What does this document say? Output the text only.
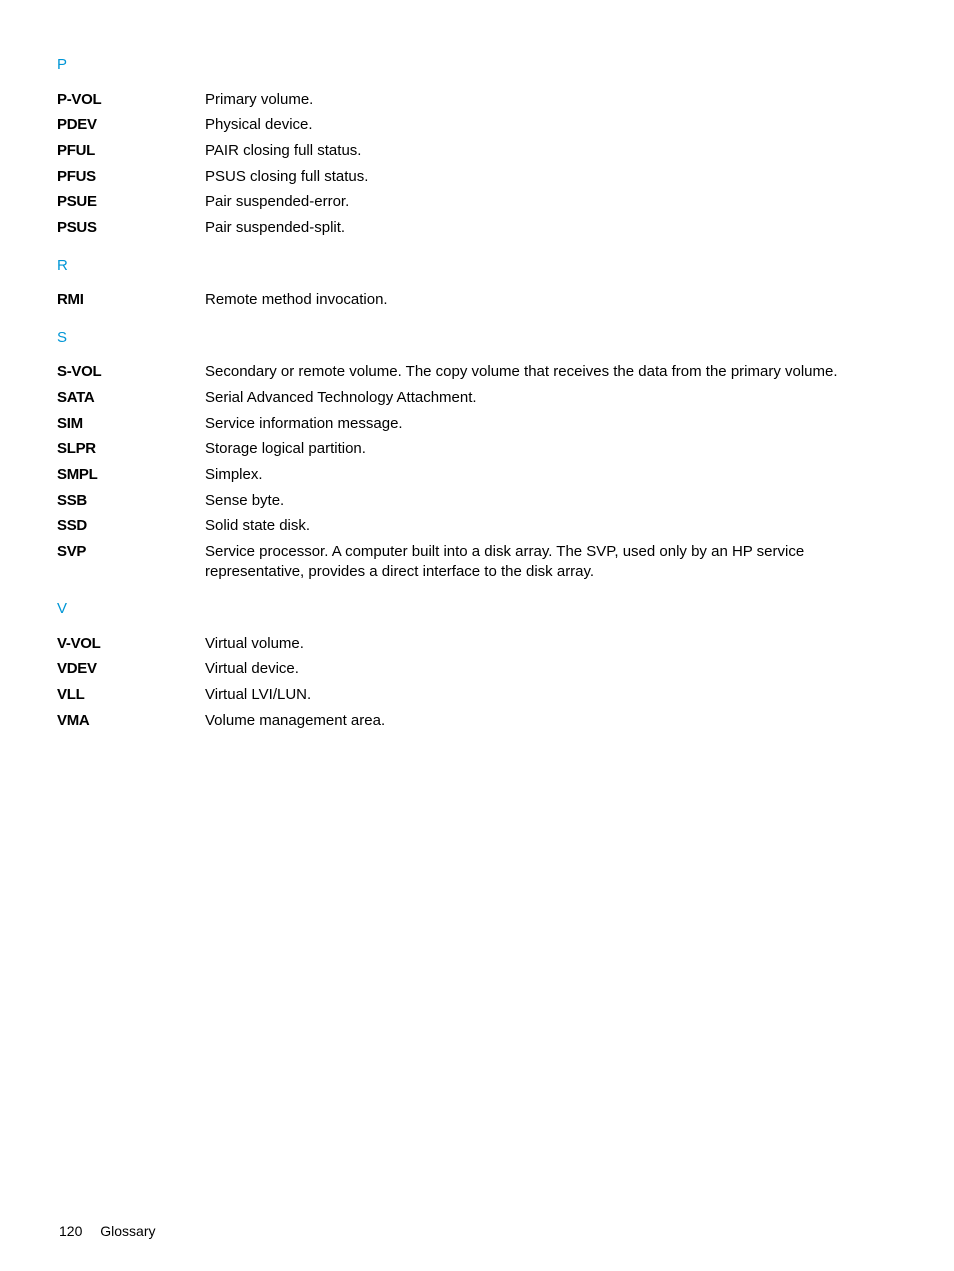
P
P-VOL	Primary volume.
PDEV	Physical device.
PFUL	PAIR closing full status.
PFUS	PSUS closing full status.
PSUE	Pair suspended-error.
PSUS	Pair suspended-split.
R
RMI	Remote method invocation.
S
S-VOL	Secondary or remote volume. The copy volume that receives the data from the primary volume.
SATA	Serial Advanced Technology Attachment.
SIM	Service information message.
SLPR	Storage logical partition.
SMPL	Simplex.
SSB	Sense byte.
SSD	Solid state disk.
SVP	Service processor. A computer built into a disk array. The SVP, used only by an HP service representative, provides a direct interface to the disk array.
V
V-VOL	Virtual volume.
VDEV	Virtual device.
VLL	Virtual LVI/LUN.
VMA	Volume management area.
120 Glossary
